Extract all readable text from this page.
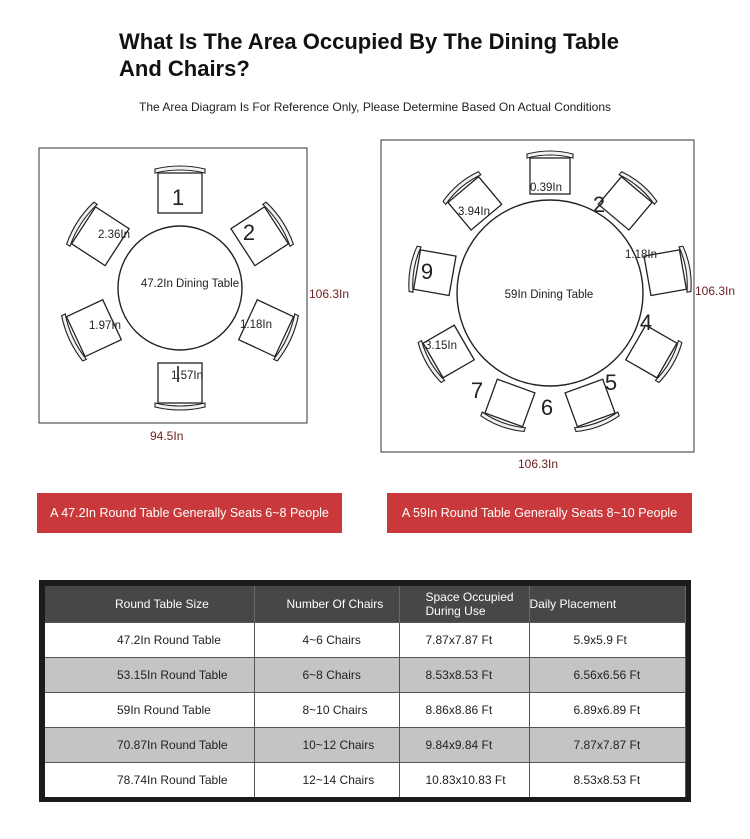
What Is The Area Occupied By The Dining Table And Chairs?
The Area Diagram Is For Reference Only, Please Determine Based On Actual Conditions
47.2In Dining Table
1
2
2.36In
1.97In	1.18In
1.57In
94.5In
106.3In	59In Dining Table
2
4
5
6
7
9
0.39In
3.94In
1.18In
3.15In
106.3In
106.3In
A 47.2In Round Table Generally Seats 6~8 People	A 59In Round Table Generally Seats 8~10 People
Round Table Size	Number Of Chairs	Space Occupied During Use	Daily Placement
47.2In Round Table	4~6 Chairs	7.87x7.87 Ft	5.9x5.9 Ft
53.15In Round Table	6~8 Chairs	8.53x8.53 Ft	6.56x6.56 Ft
59In Round Table	8~10 Chairs	8.86x8.86 Ft	6.89x6.89 Ft
70.87In Round Table	10~12 Chairs	9.84x9.84 Ft	7.87x7.87 Ft
78.74In Round Table	12~14 Chairs	10.83x10.83 Ft	8.53x8.53 Ft
